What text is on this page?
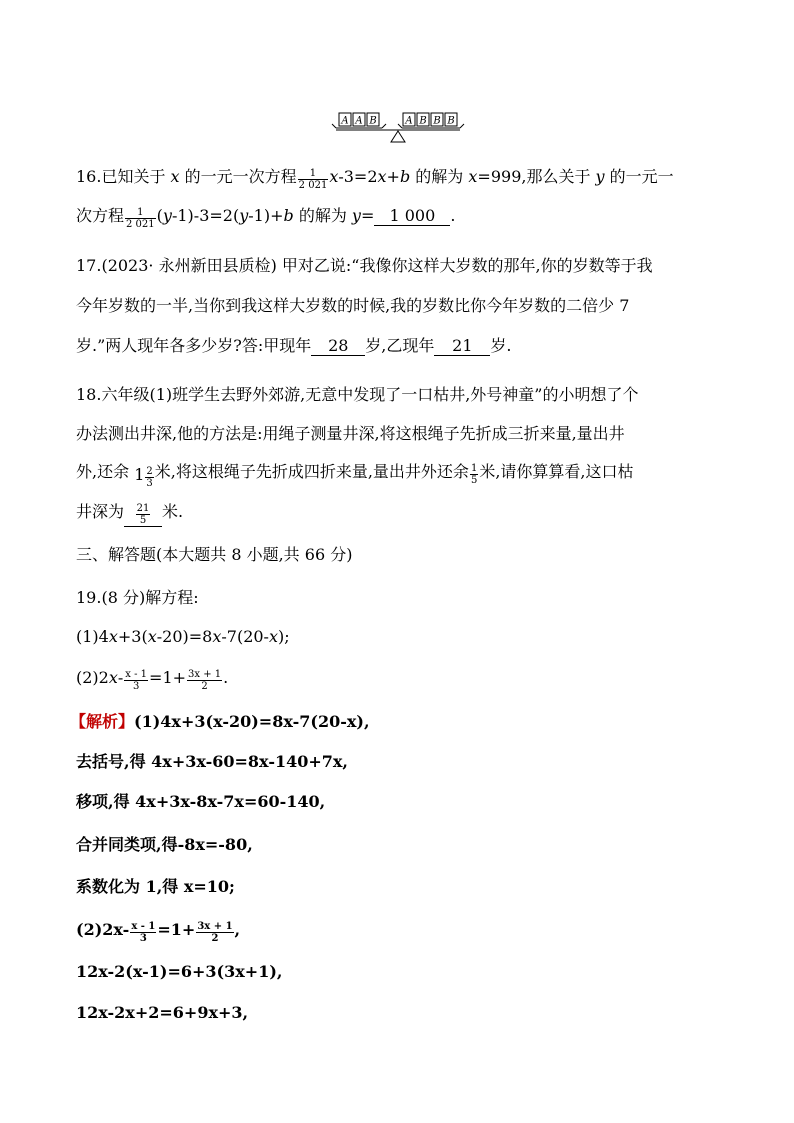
A A B	A B B B
16.已知关于 x 的一元一次方程 $\frac{1}{2 021} x-3=2x+b$ 的解为 x=999,那么关于 y 的一元一
次方程 $\frac{1}{2 021} (y-1)-3=2(y-1)+b$ 的解为 y= 1 000 .
17.(2023· 永州新田县质检) 甲对乙说:“我像你这样大岁数的那年,你的岁数等于我
今年岁数的一半,当你到我这样大岁数的时候,我的岁数比你今年岁数的二倍少 7
岁.”两人现年各多少岁?答:甲现年 28 岁,乙现年 21 岁.
18.六年级(1)班学生去野外郊游,无意中发现了一口枯井,外号神童”的小明想了个
办法测出井深,他的方法是:用绳子测量井深,将这根绳子先折成三折来量,量出井
外,还余 $1 \frac{2}{3}$ 米,将这根绳子先折成四折来量,量出井外还余 $\frac{1}{5}$ 米,请你算算看,这口枯
井深为 $\frac{21}{5}$ 米.
三、解答题(本大题共 8 小题,共 66 分)
19.(8 分)解方程:
(1)4x+3(x-20)=8x-7(20-x);
$(2)2x- \frac{x - 1}{3} =1+ \frac{3x + 1}{2}$ .
【解析】(1)4x+3(x-20)=8x-7(20-x),
去括号,得 4x+3x-60=8x-140+7x,
移项,得 4x+3x-8x-7x=60-140,
合并同类项,得-8x=-80,
系数化为 1,得 x=10;
$(2)2x- \frac{x - 1}{3} =1+ \frac{3x + 1}{2}$ ,
12x-2(x-1)=6+3(3x+1),
12x-2x+2=6+9x+3,
